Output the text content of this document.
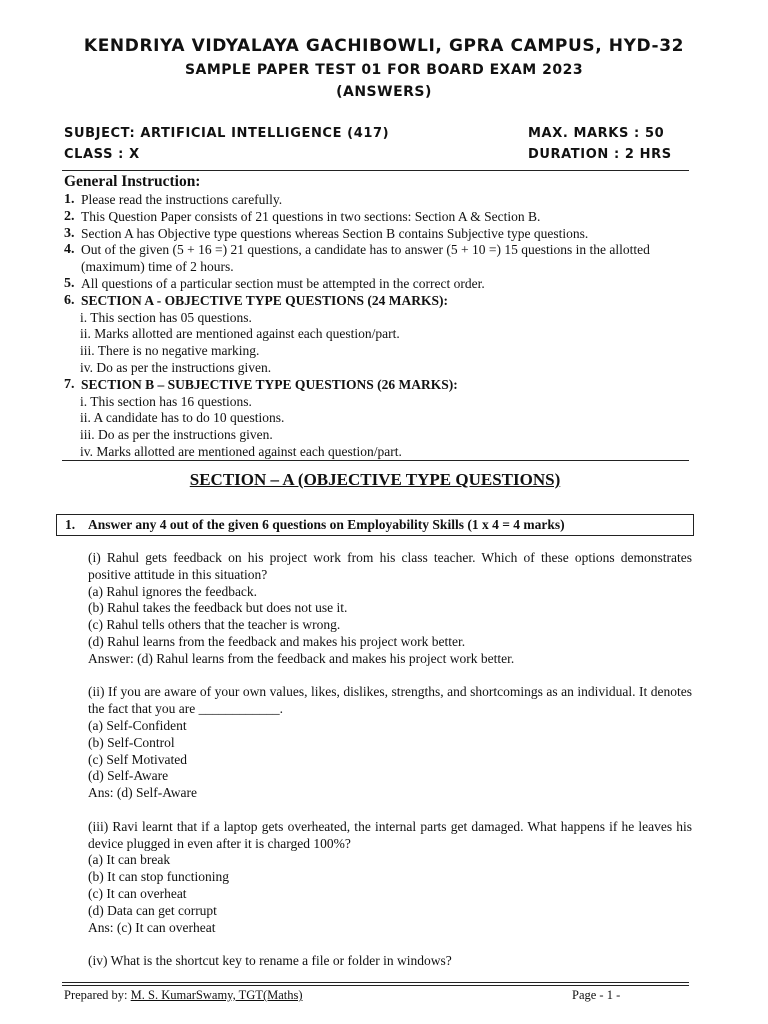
KENDRIYA VIDYALAYA GACHIBOWLI, GPRA CAMPUS, HYD-32
SAMPLE PAPER TEST 01 FOR BOARD EXAM 2023
(ANSWERS)
SUBJECT: ARTIFICIAL INTELLIGENCE (417)
CLASS : X
MAX. MARKS : 50
DURATION : 2 HRS
General Instruction:
1. Please read the instructions carefully.
2. This Question Paper consists of 21 questions in two sections: Section A & Section B.
3. Section A has Objective type questions whereas Section B contains Subjective type questions.
4. Out of the given (5 + 16 =) 21 questions, a candidate has to answer (5 + 10 =) 15 questions in the allotted (maximum) time of 2 hours.
5. All questions of a particular section must be attempted in the correct order.
6. SECTION A - OBJECTIVE TYPE QUESTIONS (24 MARKS):
i. This section has 05 questions.
ii. Marks allotted are mentioned against each question/part.
iii. There is no negative marking.
iv. Do as per the instructions given.
7. SECTION B – SUBJECTIVE TYPE QUESTIONS (26 MARKS):
i. This section has 16 questions.
ii. A candidate has to do 10 questions.
iii. Do as per the instructions given.
iv. Marks allotted are mentioned against each question/part.
SECTION – A (OBJECTIVE TYPE QUESTIONS)
1. Answer any 4 out of the given 6 questions on Employability Skills (1 x 4 = 4 marks)
(i) Rahul gets feedback on his project work from his class teacher. Which of these options demonstrates positive attitude in this situation?
(a) Rahul ignores the feedback.
(b) Rahul takes the feedback but does not use it.
(c) Rahul tells others that the teacher is wrong.
(d) Rahul learns from the feedback and makes his project work better.
Answer: (d) Rahul learns from the feedback and makes his project work better.
(ii) If you are aware of your own values, likes, dislikes, strengths, and shortcomings as an individual. It denotes the fact that you are ____________.
(a) Self-Confident
(b) Self-Control
(c) Self Motivated
(d) Self-Aware
Ans: (d) Self-Aware
(iii) Ravi learnt that if a laptop gets overheated, the internal parts get damaged. What happens if he leaves his device plugged in even after it is charged 100%?
(a) It can break
(b) It can stop functioning
(c) It can overheat
(d) Data can get corrupt
Ans: (c) It can overheat
(iv) What is the shortcut key to rename a file or folder in windows?
Prepared by: M. S. KumarSwamy, TGT(Maths)	Page - 1 -
